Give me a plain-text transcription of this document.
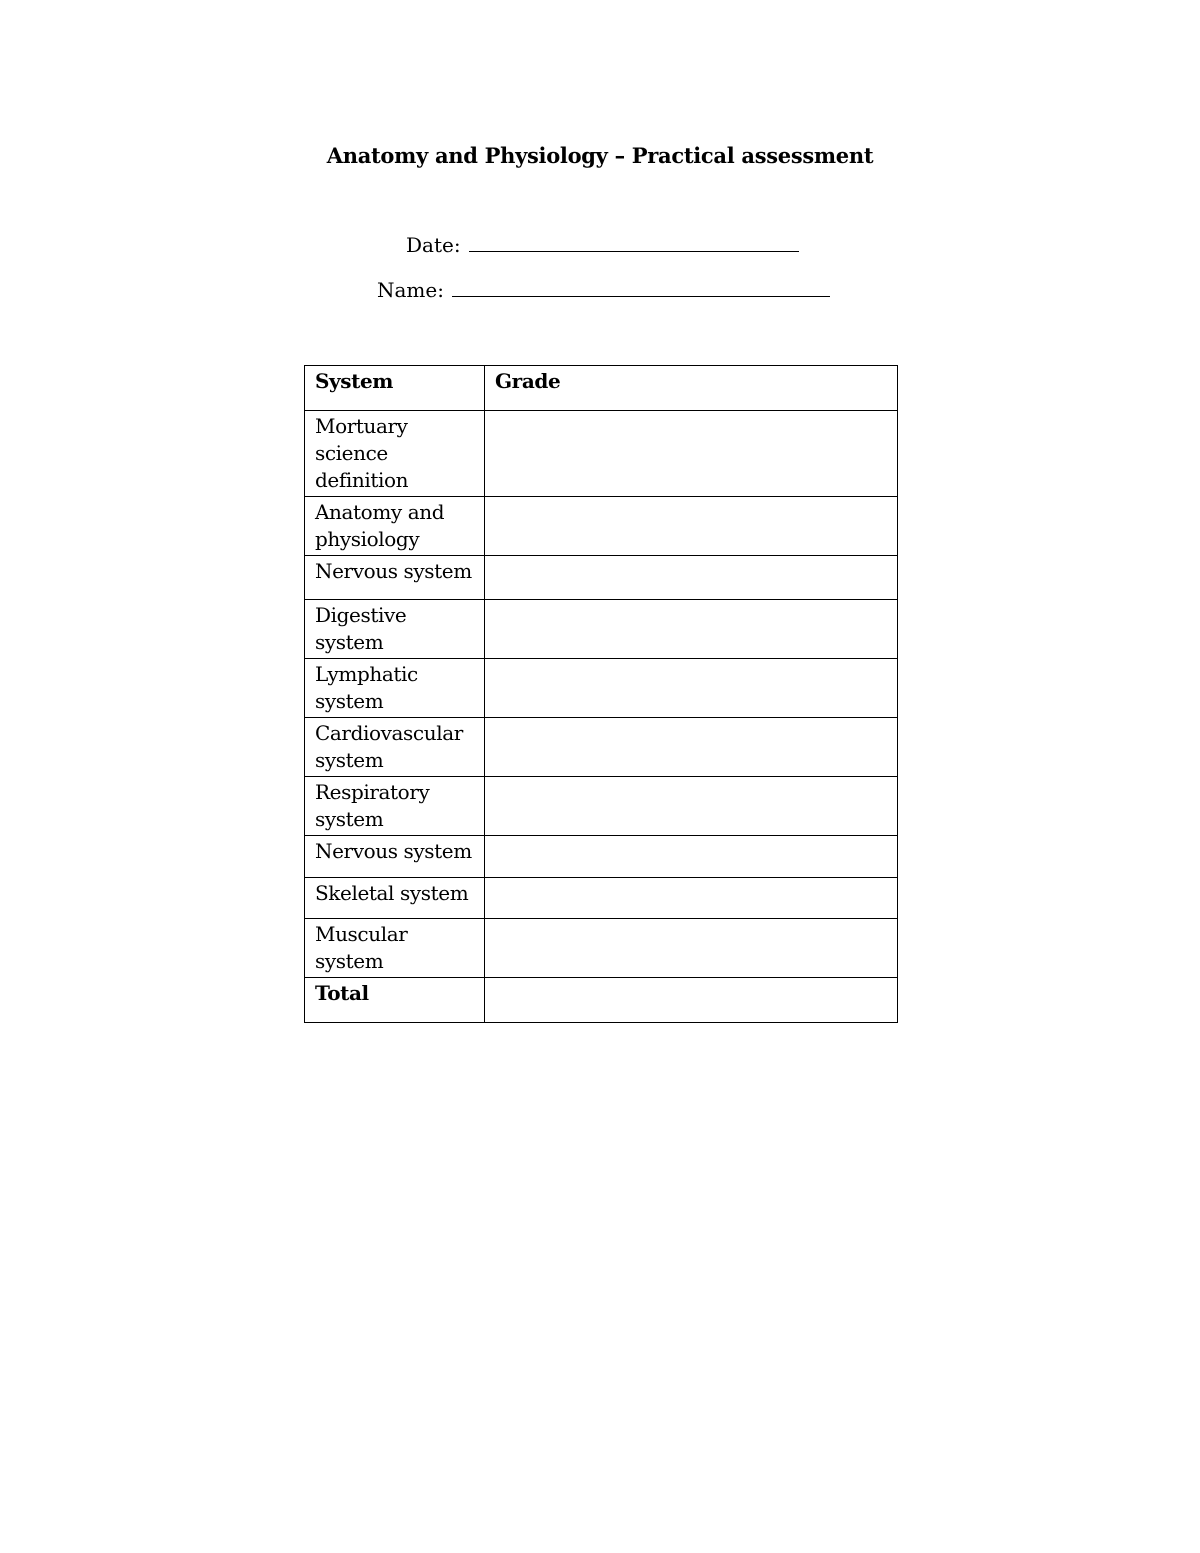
Anatomy and Physiology – Practical assessment
Date:
Name:
System	Grade
Mortuary science definition	
Anatomy and physiology	
Nervous system	
Digestive system	
Lymphatic system	
Cardiovascular system	
Respiratory system	
Nervous system	
Skeletal system	
Muscular system	
Total	
